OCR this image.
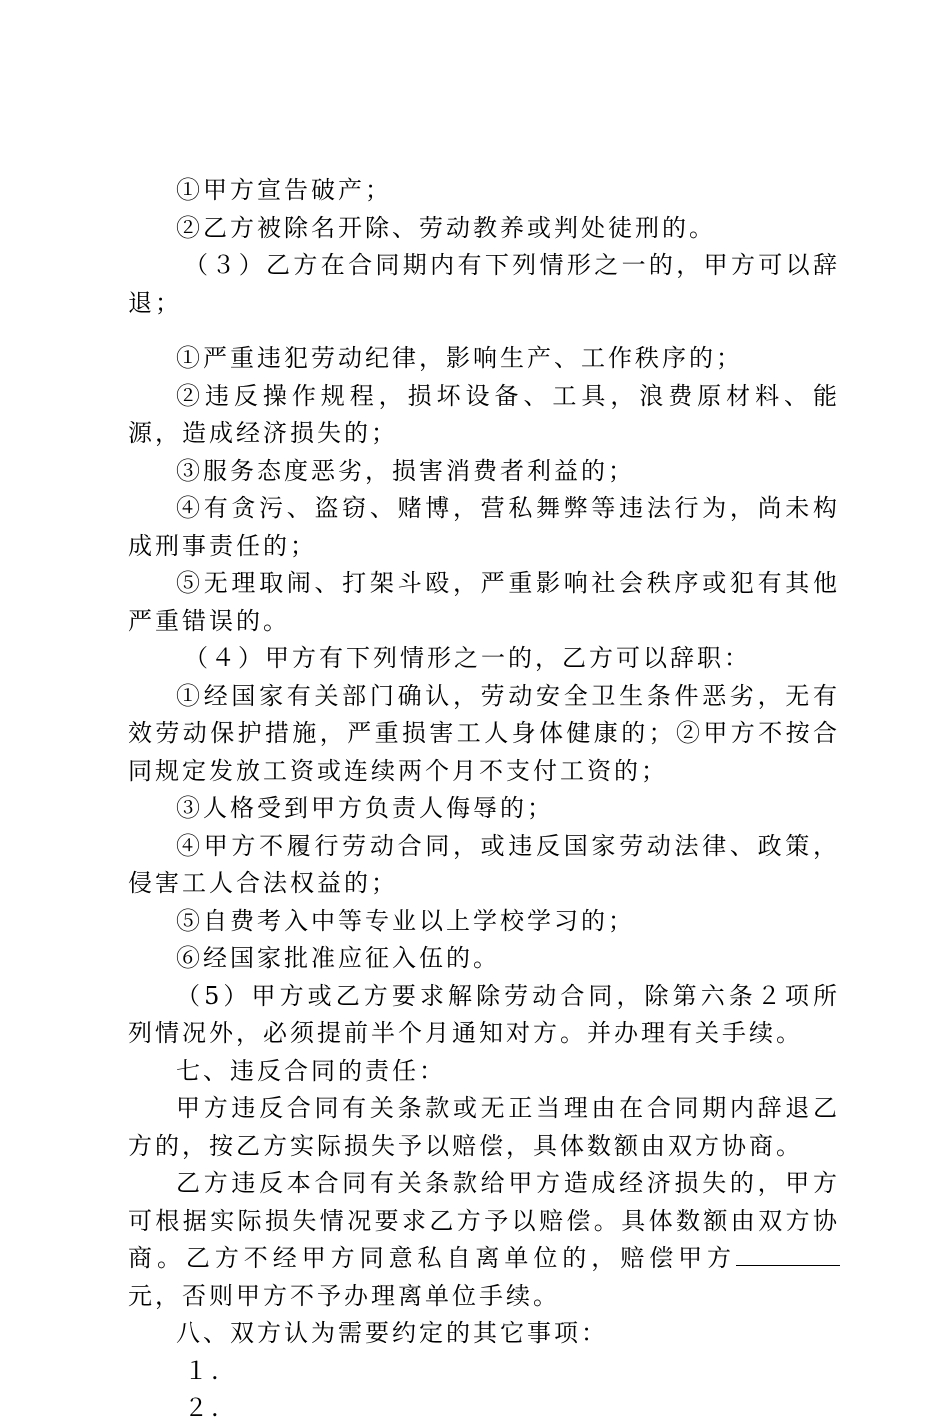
①甲方宣告破产；

②乙方被除名开除、劳动教养或判处徒刑的。

（３）乙方在合同期内有下列情形之一的，甲方可以辞退；

①严重违犯劳动纪律，影响生产、工作秩序的；

②违反操作规程，损坏设备、工具，浪费原材料、能源，造成经济损失的；

③服务态度恶劣，损害消费者利益的；

④有贪污、盗窃、赌博，营私舞弊等违法行为，尚未构成刑事责任的；

⑤无理取闹、打架斗殴，严重影响社会秩序或犯有其他严重错误的。

（４）甲方有下列情形之一的，乙方可以辞职：

①经国家有关部门确认，劳动安全卫生条件恶劣，无有效劳动保护措施，严重损害工人身体健康的；②甲方不按合同规定发放工资或连续两个月不支付工资的；

③人格受到甲方负责人侮辱的；

④甲方不履行劳动合同，或违反国家劳动法律、政策，侵害工人合法权益的；

⑤自费考入中等专业以上学校学习的；

⑥经国家批准应征入伍的。

（5）甲方或乙方要求解除劳动合同，除第六条２项所列情况外，必须提前半个月通知对方。并办理有关手续。

七、违反合同的责任：

甲方违反合同有关条款或无正当理由在合同期内辞退乙方的，按乙方实际损失予以赔偿，具体数额由双方协商。

乙方违反本合同有关条款给甲方造成经济损失的，甲方可根据实际损失情况要求乙方予以赔偿。具体数额由双方协商。乙方不经甲方同意私自离单位的，赔偿甲方元，否则甲方不予办理离单位手续。

八、双方认为需要约定的其它事项：

１.

２.
